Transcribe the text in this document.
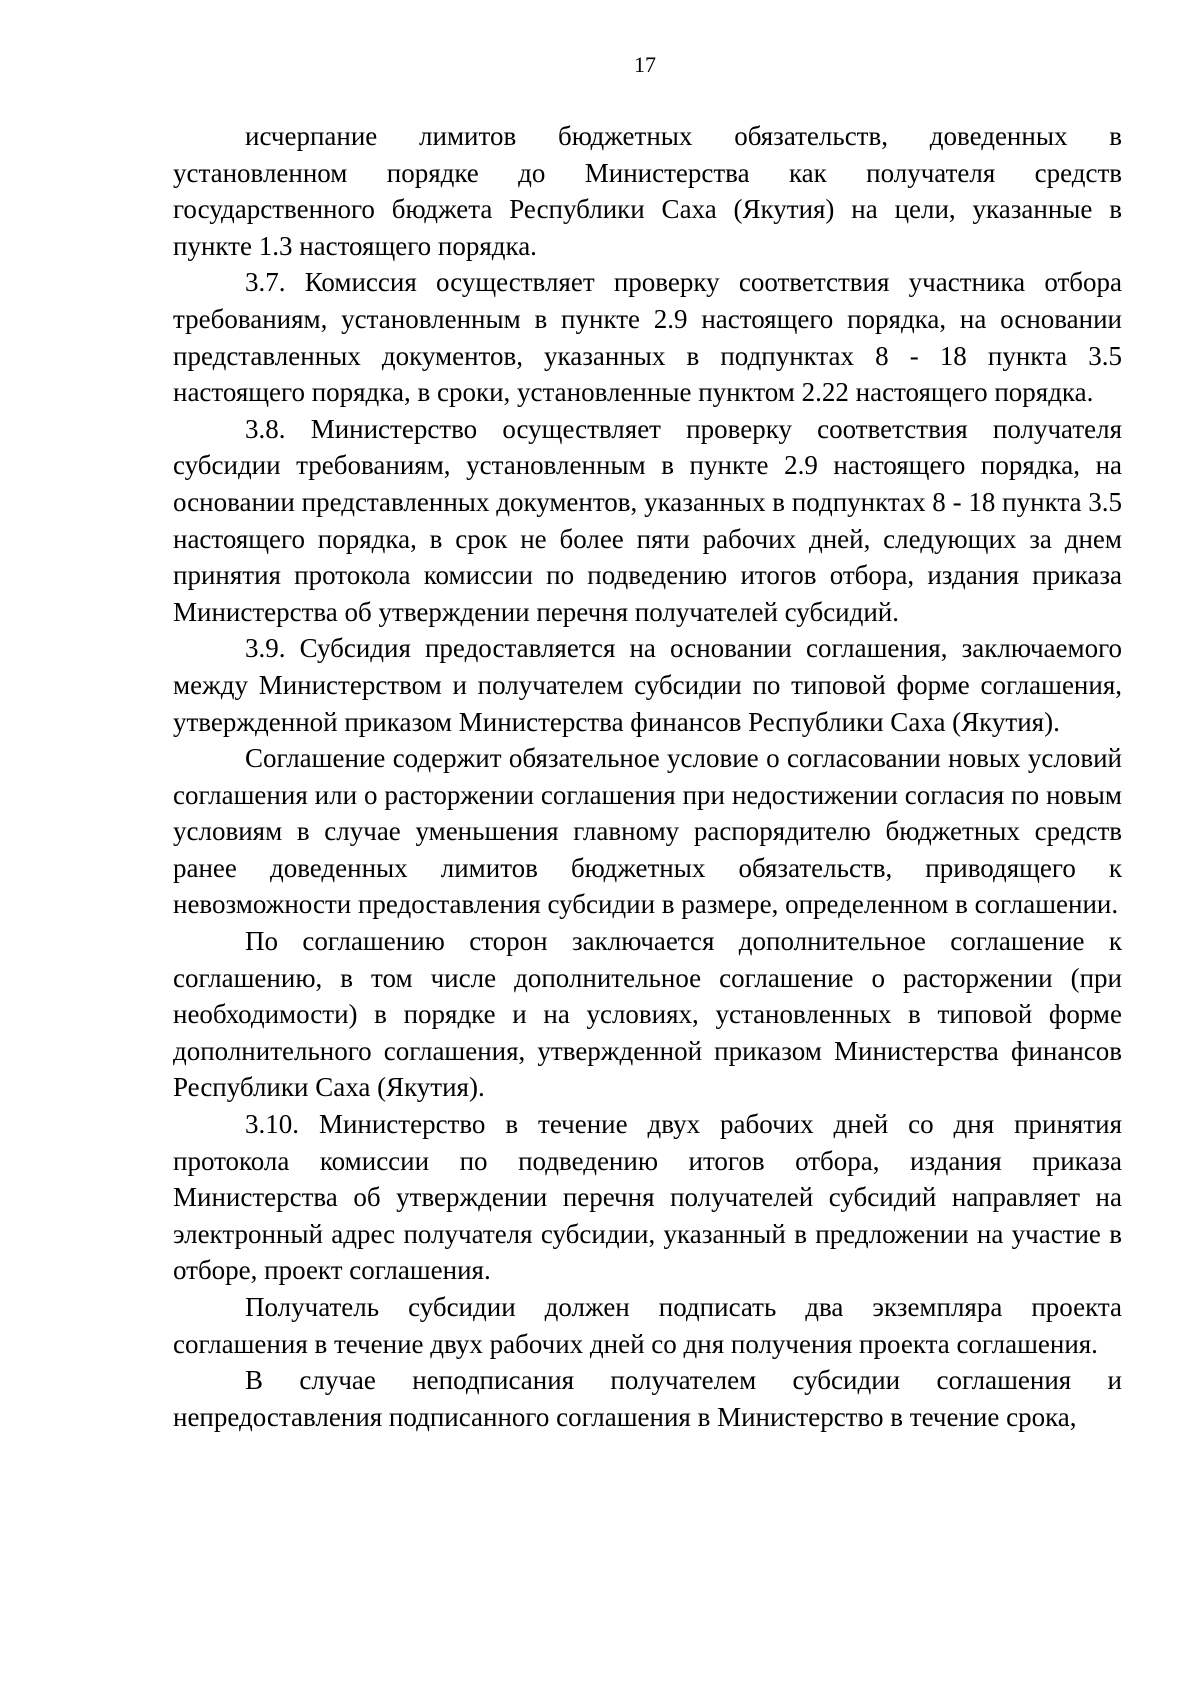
17

исчерпание лимитов бюджетных обязательств, доведенных в установленном порядке до Министерства как получателя средств государственного бюджета Республики Саха (Якутия) на цели, указанные в пункте 1.3 настоящего порядка.

3.7. Комиссия осуществляет проверку соответствия участника отбора требованиям, установленным в пункте 2.9 настоящего порядка, на основании представленных документов, указанных в подпунктах 8 - 18 пункта 3.5 настоящего порядка, в сроки, установленные пунктом 2.22 настоящего порядка.

3.8. Министерство осуществляет проверку соответствия получателя субсидии требованиям, установленным в пункте 2.9 настоящего порядка, на основании представленных документов, указанных в подпунктах 8 - 18 пункта 3.5 настоящего порядка, в срок не более пяти рабочих дней, следующих за днем принятия протокола комиссии по подведению итогов отбора, издания приказа Министерства об утверждении перечня получателей субсидий.

3.9. Субсидия предоставляется на основании соглашения, заключаемого между Министерством и получателем субсидии по типовой форме соглашения, утвержденной приказом Министерства финансов Республики Саха (Якутия).

Соглашение содержит обязательное условие о согласовании новых условий соглашения или о расторжении соглашения при недостижении согласия по новым условиям в случае уменьшения главному распорядителю бюджетных средств ранее доведенных лимитов бюджетных обязательств, приводящего к невозможности предоставления субсидии в размере, определенном в соглашении.

По соглашению сторон заключается дополнительное соглашение к соглашению, в том числе дополнительное соглашение о расторжении (при необходимости) в порядке и на условиях, установленных в типовой форме дополнительного соглашения, утвержденной приказом Министерства финансов Республики Саха (Якутия).

3.10. Министерство в течение двух рабочих дней со дня принятия протокола комиссии по подведению итогов отбора, издания приказа Министерства об утверждении перечня получателей субсидий направляет на электронный адрес получателя субсидии, указанный в предложении на участие в отборе, проект соглашения.

Получатель субсидии должен подписать два экземпляра проекта соглашения в течение двух рабочих дней со дня получения проекта соглашения.

В случае неподписания получателем субсидии соглашения и непредоставления подписанного соглашения в Министерство в течение срока,
